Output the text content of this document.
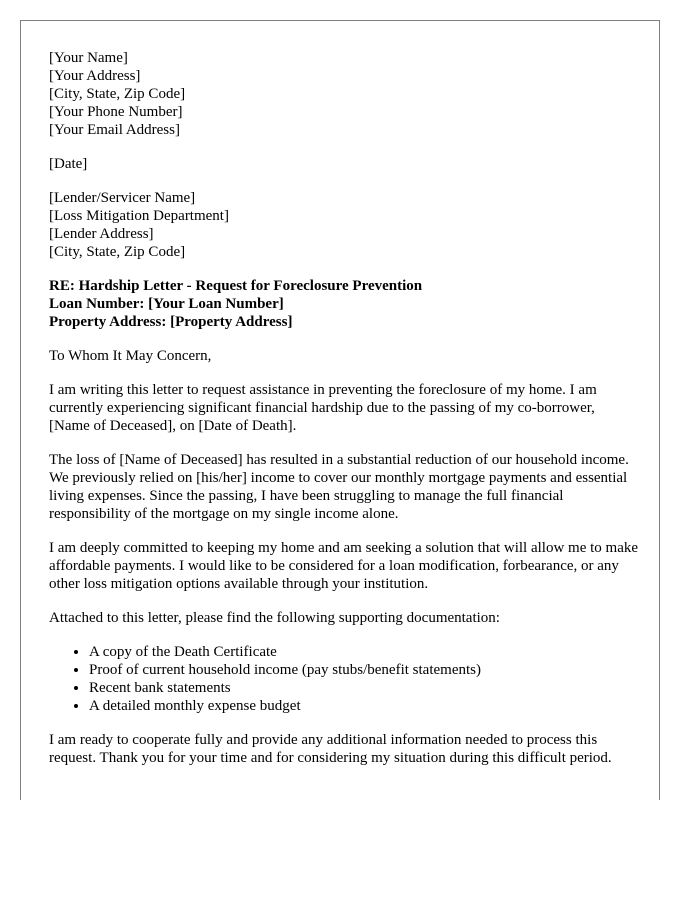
[Your Name]
[Your Address]
[City, State, Zip Code]
[Your Phone Number]
[Your Email Address]
[Date]
[Lender/Servicer Name]
[Loss Mitigation Department]
[Lender Address]
[City, State, Zip Code]
RE: Hardship Letter - Request for Foreclosure Prevention
Loan Number: [Your Loan Number]
Property Address: [Property Address]

To Whom It May Concern,

I am writing this letter to request assistance in preventing the foreclosure of my home. I am currently experiencing significant financial hardship due to the passing of my co-borrower, [Name of Deceased], on [Date of Death].

The loss of [Name of Deceased] has resulted in a substantial reduction of our household income. We previously relied on [his/her] income to cover our monthly mortgage payments and essential living expenses. Since the passing, I have been struggling to manage the full financial responsibility of the mortgage on my single income alone.

I am deeply committed to keeping my home and am seeking a solution that will allow me to make affordable payments. I would like to be considered for a loan modification, forbearance, or any other loss mitigation options available through your institution.

Attached to this letter, please find the following supporting documentation:

• A copy of the Death Certificate
• Proof of current household income (pay stubs/benefit statements)
• Recent bank statements
• A detailed monthly expense budget

I am ready to cooperate fully and provide any additional information needed to process this request. Thank you for your time and for considering my situation during this difficult period.
